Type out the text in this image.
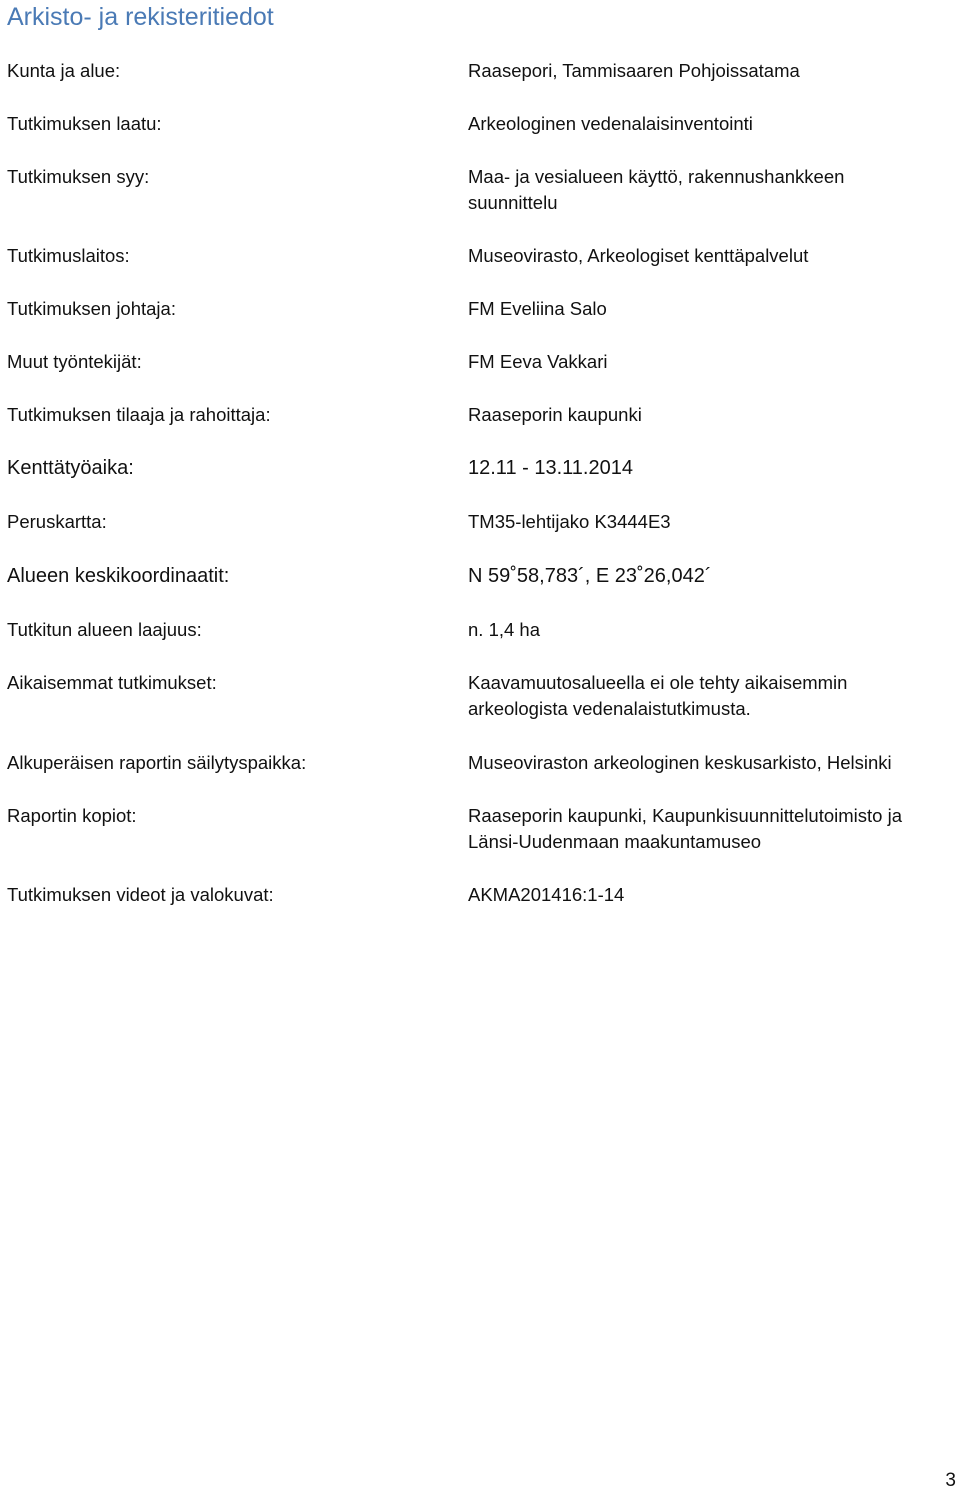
Arkisto- ja rekisteritiedot
Kunta ja alue:	Raasepori, Tammisaaren Pohjoissatama
Tutkimuksen laatu:	Arkeologinen vedenalaisinventointi
Tutkimuksen syy:	Maa- ja vesialueen käyttö, rakennushankkeen suunnittelu
Tutkimuslaitos:	Museovirasto, Arkeologiset kenttäpalvelut
Tutkimuksen johtaja:	FM Eveliina Salo
Muut työntekijät:	FM Eeva Vakkari
Tutkimuksen tilaaja ja rahoittaja:	Raaseporin kaupunki
Kenttätyöaika:	12.11 - 13.11.2014
Peruskartta:	TM35-lehtijako K3444E3
Alueen keskikoordinaatit:	N 59˚58,783´, E 23˚26,042´
Tutkitun alueen laajuus:	n. 1,4 ha
Aikaisemmat tutkimukset:	Kaavamuutosalueella ei ole tehty aikaisemmin arkeologista vedenalaistutkimusta.
Alkuperäisen raportin säilytyspaikka:	Museoviraston arkeologinen keskusarkisto, Helsinki
Raportin kopiot:	Raaseporin kaupunki, Kaupunkisuunnittelutoimisto ja Länsi-Uudenmaan maakuntamuseo
Tutkimuksen videot ja valokuvat:	AKMA201416:1-14
3
